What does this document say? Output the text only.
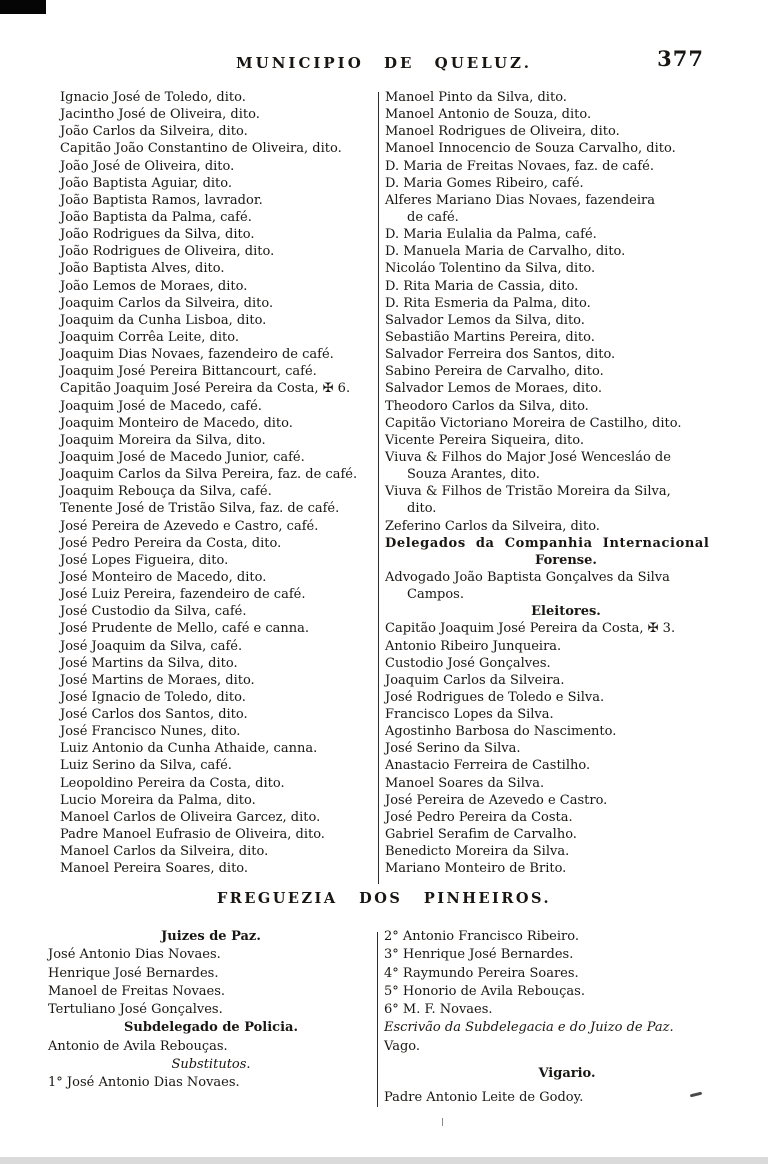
MUNICIPIO DE QUELUZ.	377
Ignacio José de Toledo, dito.
Jacintho José de Oliveira, dito.
João Carlos da Silveira, dito.
Capitão João Constantino de Oliveira, dito.
João José de Oliveira, dito.
João Baptista Aguiar, dito.
João Baptista Ramos, lavrador.
João Baptista da Palma, café.
João Rodrigues da Silva, dito.
João Rodrigues de Oliveira, dito.
João Baptista Alves, dito.
João Lemos de Moraes, dito.
Joaquim Carlos da Silveira, dito.
Joaquim da Cunha Lisboa, dito.
Joaquim Corrêa Leite, dito.
Joaquim Dias Novaes, fazendeiro de café.
Joaquim José Pereira Bittancourt, café.
Capitão Joaquim José Pereira da Costa, ✠ 6.
Joaquim José de Macedo, café.
Joaquim Monteiro de Macedo, dito.
Joaquim Moreira da Silva, dito.
Joaquim José de Macedo Junior, café.
Joaquim Carlos da Silva Pereira, faz. de café.
Joaquim Rebouça da Silva, café.
Tenente José de Tristão Silva, faz. de café.
José Pereira de Azevedo e Castro, café.
José Pedro Pereira da Costa, dito.
José Lopes Figueira, dito.
José Monteiro de Macedo, dito.
José Luiz Pereira, fazendeiro de café.
José Custodio da Silva, café.
José Prudente de Mello, café e canna.
José Joaquim da Silva, café.
José Martins da Silva, dito.
José Martins de Moraes, dito.
José Ignacio de Toledo, dito.
José Carlos dos Santos, dito.
José Francisco Nunes, dito.
Luiz Antonio da Cunha Athaide, canna.
Luiz Serino da Silva, café.
Leopoldino Pereira da Costa, dito.
Lucio Moreira da Palma, dito.
Manoel Carlos de Oliveira Garcez, dito.
Padre Manoel Eufrasio de Oliveira, dito.
Manoel Carlos da Silveira, dito.
Manoel Pereira Soares, dito.
Manoel Pinto da Silva, dito.
Manoel Antonio de Souza, dito.
Manoel Rodrigues de Oliveira, dito.
Manoel Innocencio de Souza Carvalho, dito.
D. Maria de Freitas Novaes, faz. de café.
D. Maria Gomes Ribeiro, café.
Alferes Mariano Dias Novaes, fazendeira
de café.
D. Maria Eulalia da Palma, café.
D. Manuela Maria de Carvalho, dito.
Nicoláo Tolentino da Silva, dito.
D. Rita Maria de Cassia, dito.
D. Rita Esmeria da Palma, dito.
Salvador Lemos da Silva, dito.
Sebastião Martins Pereira, dito.
Salvador Ferreira dos Santos, dito.
Sabino Pereira de Carvalho, dito.
Salvador Lemos de Moraes, dito.
Theodoro Carlos da Silva, dito.
Capitão Victoriano Moreira de Castilho, dito.
Vicente Pereira Siqueira, dito.
Viuva & Filhos do Major José Wencesláo de
Souza Arantes, dito.
Viuva & Filhos de Tristão Moreira da Silva,
dito.
Zeferino Carlos da Silveira, dito.
Delegados da Companhia Internacional
Forense.
Advogado João Baptista Gonçalves da Silva
Campos.
Eleitores.
Capitão Joaquim José Pereira da Costa, ✠ 3.
Antonio Ribeiro Junqueira.
Custodio José Gonçalves.
Joaquim Carlos da Silveira.
José Rodrigues de Toledo e Silva.
Francisco Lopes da Silva.
Agostinho Barbosa do Nascimento.
José Serino da Silva.
Anastacio Ferreira de Castilho.
Manoel Soares da Silva.
José Pereira de Azevedo e Castro.
José Pedro Pereira da Costa.
Gabriel Serafim de Carvalho.
Benedicto Moreira da Silva.
Mariano Monteiro de Brito.
FREGUEZIA DOS PINHEIROS.
Juizes de Paz.
José Antonio Dias Novaes.
Henrique José Bernardes.
Manoel de Freitas Novaes.
Tertuliano José Gonçalves.
Subdelegado de Policia.
Antonio de Avila Rebouças.
Substitutos.
1° José Antonio Dias Novaes.
2° Antonio Francisco Ribeiro.
3° Henrique José Bernardes.
4° Raymundo Pereira Soares.
5° Honorio de Avila Rebouças.
6° M. F. Novaes.
Escrivão da Subdelegacia e do Juizo de Paz.
Vago.
Vigario.
Padre Antonio Leite de Godoy.
